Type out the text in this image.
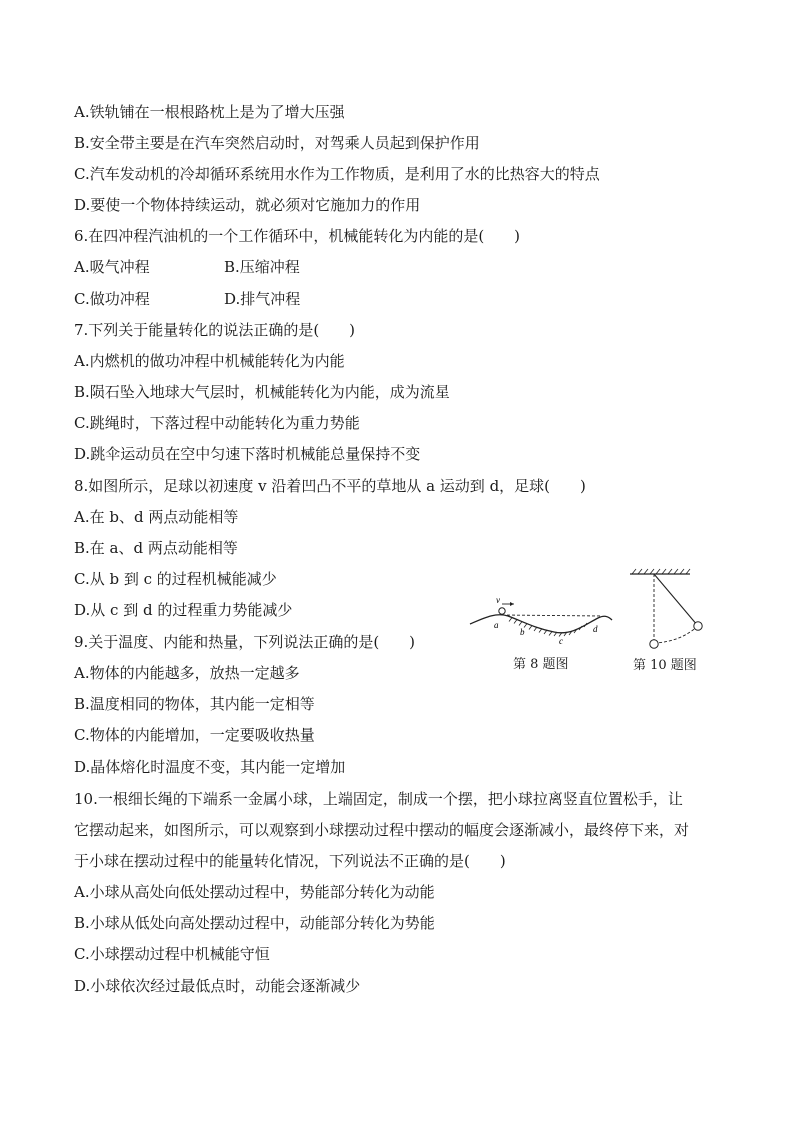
A.铁轨铺在一根根路枕上是为了增大压强
B.安全带主要是在汽车突然启动时，对驾乘人员起到保护作用
C.汽车发动机的冷却循环系统用水作为工作物质，是利用了水的比热容大的特点
D.要使一个物体持续运动，就必须对它施加力的作用
6.在四冲程汽油机的一个工作循环中，机械能转化为内能的是(　　)
A.吸气冲程	B.压缩冲程
C.做功冲程	D.排气冲程
7.下列关于能量转化的说法正确的是(　　)
A.内燃机的做功冲程中机械能转化为内能
B.陨石坠入地球大气层时，机械能转化为内能，成为流星
C.跳绳时，下落过程中动能转化为重力势能
D.跳伞运动员在空中匀速下落时机械能总量保持不变
8.如图所示，足球以初速度 v 沿着凹凸不平的草地从 a 运动到 d，足球(　　)
A.在 b、d 两点动能相等
B.在 a、d 两点动能相等
C.从 b 到 c 的过程机械能减少
D.从 c 到 d 的过程重力势能减少
9.关于温度、内能和热量，下列说法正确的是(　　)
A.物体的内能越多，放热一定越多
B.温度相同的物体，其内能一定相等
C.物体的内能增加，一定要吸收热量
D.晶体熔化时温度不变，其内能一定增加
10.一根细长绳的下端系一金属小球，上端固定，制成一个摆，把小球拉离竖直位置松手，让
它摆动起来，如图所示，可以观察到小球摆动过程中摆动的幅度会逐渐减小，最终停下来，对
于小球在摆动过程中的能量转化情况，下列说法不正确的是(　　)
A.小球从高处向低处摆动过程中，势能部分转化为动能
B.小球从低处向高处摆动过程中，动能部分转化为势能
C.小球摆动过程中机械能守恒
D.小球依次经过最低点时，动能会逐渐减少
v
a
b
c
d
第 8 题图	第 10 题图
